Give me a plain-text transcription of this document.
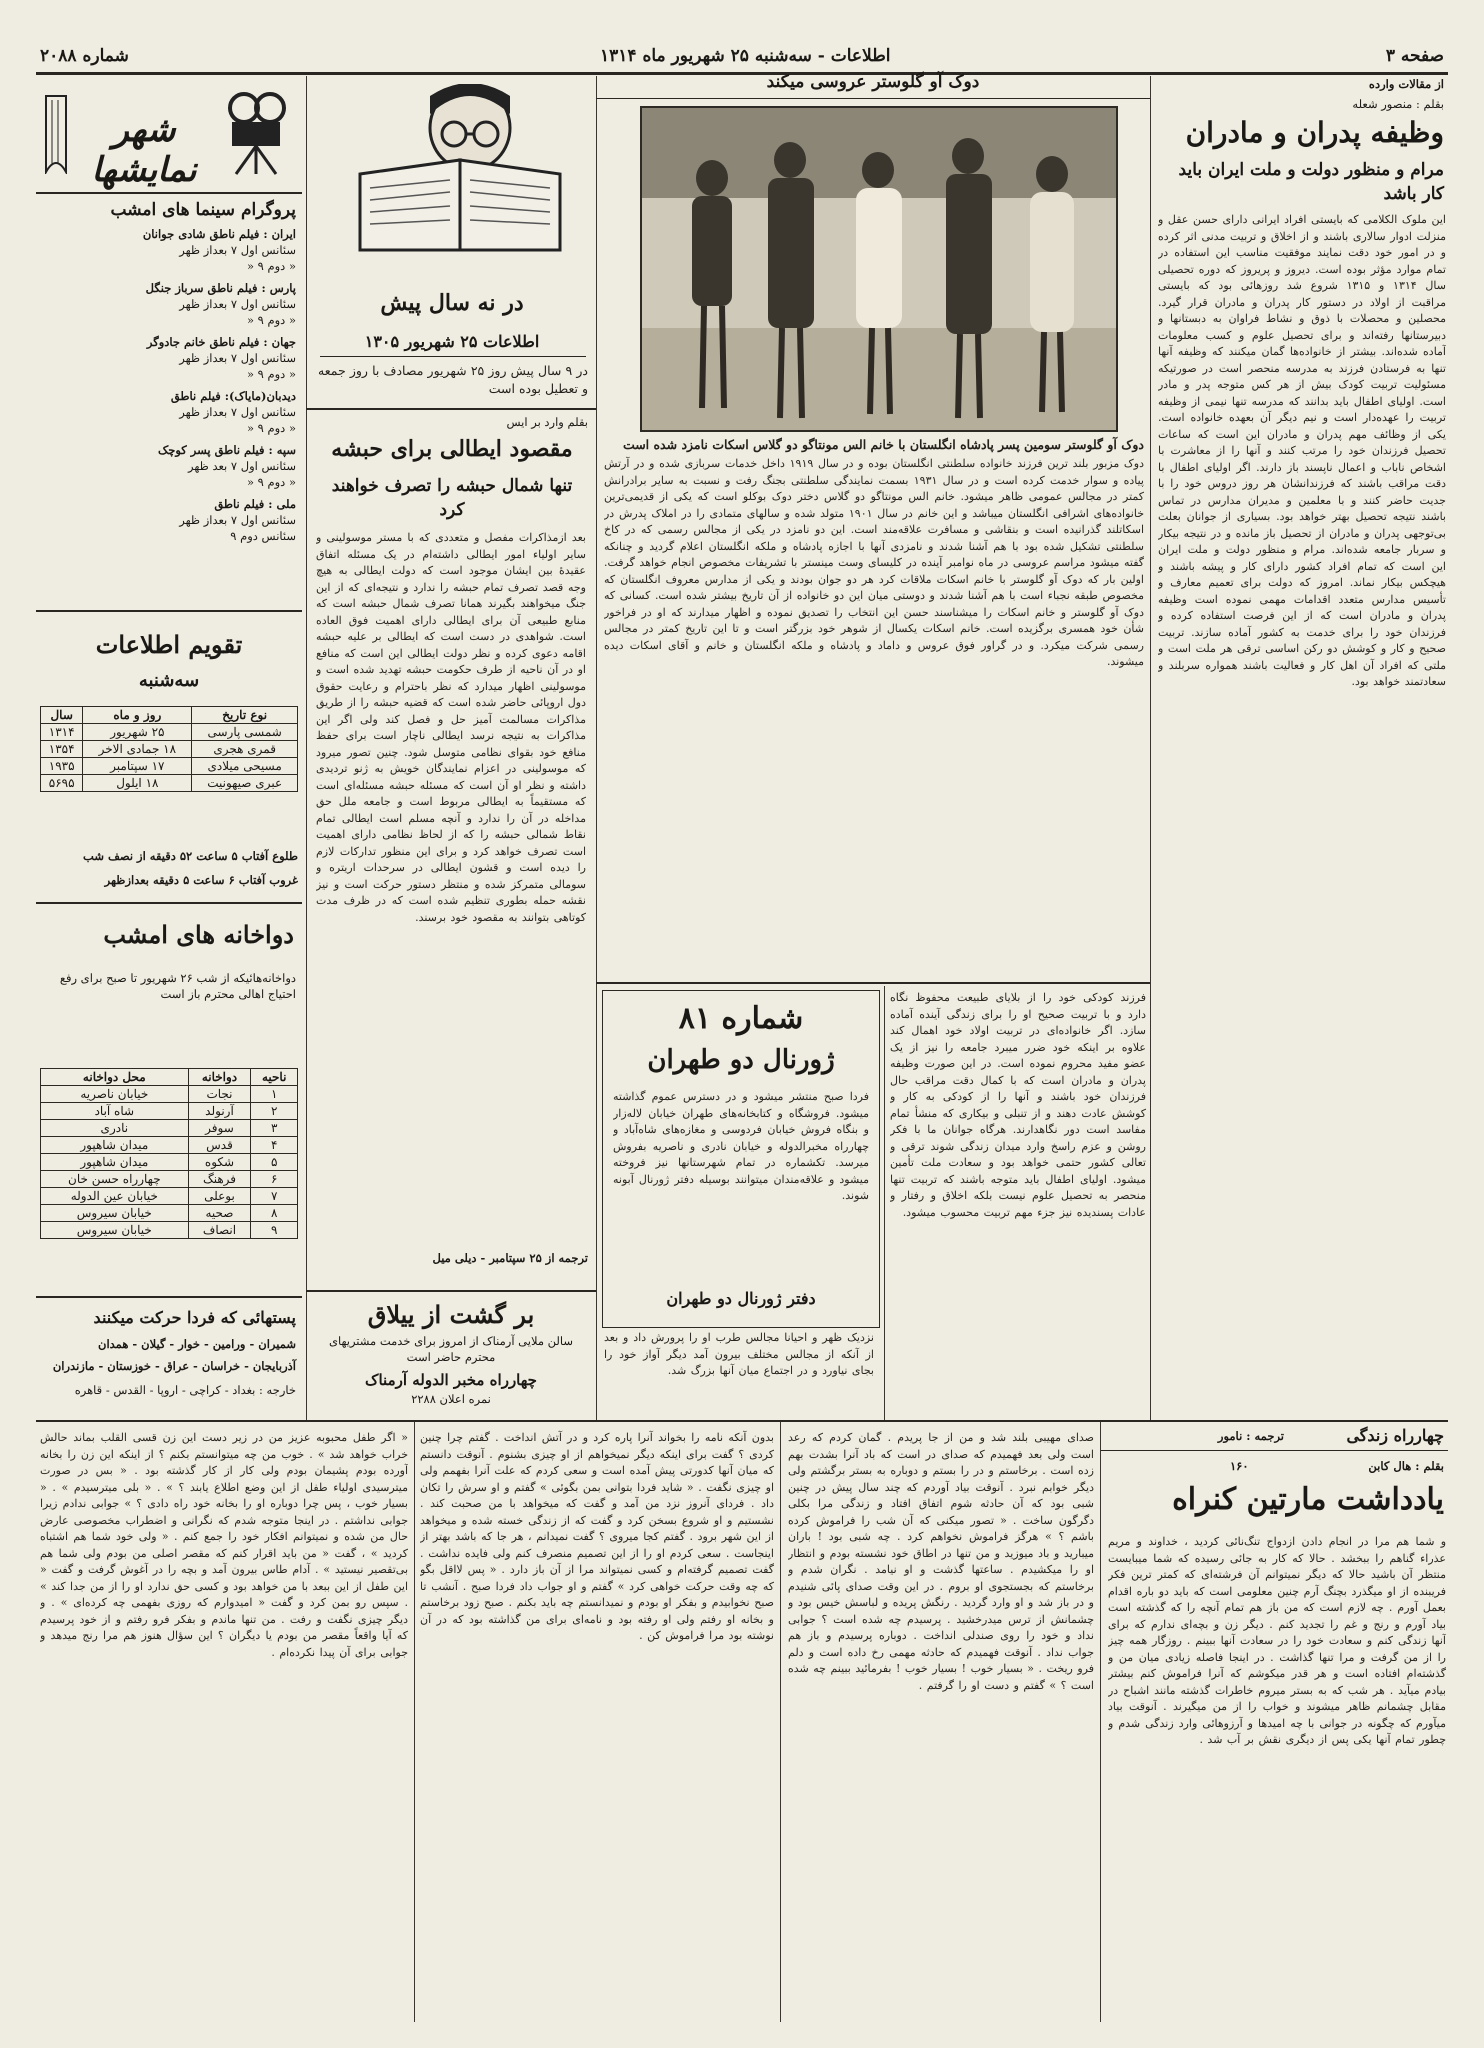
صفحه ۳
اطلاعات - سه‌شنبه ۲۵ شهریور ماه ۱۳۱۴
شماره ۲۰۸۸
شهر نمایشها
پروگرام سینما های امشب
ایران : فیلم ناطق شادی جوانان
سئانس اول ۷ بعداز ظهر
« دوم ۹ «
پارس : فیلم ناطق سرباز جنگل
سئانس اول ۷ بعداز ظهر
« دوم ۹ «
جهان : فیلم ناطق خانم جادوگر
سئانس اول ۷ بعداز ظهر
« دوم ۹ «
دیدبان(مایاک): فیلم ناطق
سئانس اول ۷ بعداز ظهر
« دوم ۹ «
سپه : فیلم ناطق پسر کوچک
سئانس اول ۷ بعد ظهر
« دوم ۹ «
ملی : فیلم ناطق
سئانس اول ۷ بعداز ظهر
سئانس دوم ۹
تقویم اطلاعات
سه‌شنبه
نوع تاریخ	روز و ماه	سال
شمسی پارسی	۲۵ شهریور	۱۳۱۴
قمری هجری	۱۸ جمادی الاخر	۱۳۵۴
مسیحی میلادی	۱۷ سپتامبر	۱۹۳۵
عبری صیهونیت	۱۸ ایلول	۵۶۹۵
طلوع آفتاب ۵ ساعت ۵۲ دقیقه از نصف شب
غروب آفتاب ۶ ساعت ۵ دقیقه بعدازظهر
دواخانه های امشب
دواخانه‌هائیکه از شب ۲۶ شهریور تا صبح برای رفع احتیاج اهالی محترم باز است
ناحیه	دواخانه	محل دواخانه
۱	نجات	خیابان ناصریه
۲	آرنولد	شاه آباد
۳	سوفر	نادری
۴	قدس	میدان شاهپور
۵	شکوه	میدان شاهپور
۶	فرهنگ	چهارراه حسن خان
۷	بوعلی	خیابان عین الدوله
۸	صحیه	خیابان سیروس
۹	انصاف	خیابان سیروس
پستهائی که فردا حرکت میکنند
شمیران - ورامین - خوار - گیلان - همدان
آذربایجان - خراسان - عراق - خوزستان - مازندران
خارجه : بغداد - کراچی - اروپا - القدس - قاهره
در نه سال پیش
اطلاعات ۲۵ شهریور ۱۳۰۵
در ۹ سال پیش روز ۲۵ شهریور مصادف با روز جمعه و تعطیل بوده است
بقلم وارد بر ایس
مقصود ایطالی برای حبشه
تنها شمال حبشه را تصرف خواهند کرد
بعد ازمذاکرات مفصل و متعددی که با مستر موسولینی و سایر اولیاء امور ایطالی داشته‌ام در یک مسئله اتفاق عقیدهٔ بین ایشان موجود است که دولت ایطالی به هیچ وجه قصد تصرف تمام حبشه را ندارد و نتیجه‌ای که از این جنگ میخواهند بگیرند همانا تصرف شمال حبشه است که منابع طبیعی آن برای ایطالی دارای اهمیت فوق العاده است. شواهدی در دست است که ایطالی بر علیه حبشه اقامه دعوی کرده و نظر دولت ایطالی این است که منافع او در آن ناحیه از طرف حکومت حبشه تهدید شده است و موسولینی اظهار میدارد که نظر باحترام و رعایت حقوق دول اروپائی حاضر شده است که قضیه حبشه را از طریق مذاکرات مسالمت آمیز حل و فصل کند ولی اگر این مذاکرات به نتیجه نرسد ایطالی ناچار است برای حفظ منافع خود بقوای نظامی متوسل شود. چنین تصور میرود که موسولینی در اعزام نمایندگان خویش به ژنو تردیدی داشته و نظر او آن است که مسئله حبشه مسئله‌ای است که مستقیماً به ایطالی مربوط است و جامعه ملل حق مداخله در آن را ندارد و آنچه مسلم است ایطالی تمام نقاط شمالی حبشه را که از لحاظ نظامی دارای اهمیت است تصرف خواهد کرد و برای این منظور تدارکات لازم را دیده است و قشون ایطالی در سرحدات اریتره و سومالی متمرکز شده و منتظر دستور حرکت است و نیز نقشه حمله بطوری تنظیم شده است که در ظرف مدت کوتاهی بتوانند به مقصود خود برسند.
ترجمه از ۲۵ سپتامبر - دیلی میل
بر گشت از ییلاق
سالن ملایی آرمناک از امروز برای خدمت مشتریهای محترم حاضر است
چهارراه مخبر الدوله آرمناک
نمره اعلان ۲۲۸۸
دوک آو گلوستر عروسی میکند
دوک آو گلوستر سومین پسر پادشاه انگلستان با خانم الس مونتاگو دو گلاس اسکات نامزد شده است
دوک مزبور بلند ترین فرزند خانواده سلطنتی انگلستان بوده و در سال ۱۹۱۹ داخل خدمات سربازی شده و در آرتش پیاده و سوار خدمت کرده است و در سال ۱۹۳۱ بسمت نمایندگی سلطنتی بجنگ رفت و نسبت به سایر برادرانش کمتر در مجالس عمومی ظاهر میشود. خانم الس مونتاگو دو گلاس دختر دوک بوکلو است که یکی از قدیمی‌ترین خانواده‌های اشرافی انگلستان میباشد و این خانم در سال ۱۹۰۱ متولد شده و سالهای متمادی را در املاک پدرش در اسکاتلند گذرانیده است و بنقاشی و مسافرت علاقه‌مند است. این دو نامزد در یکی از مجالس رسمی که در کاخ سلطنتی تشکیل شده بود با هم آشنا شدند و نامزدی آنها با اجازه پادشاه و ملکه انگلستان اعلام گردید و چنانکه گفته میشود مراسم عروسی در ماه نوامبر آینده در کلیسای وست مینستر با تشریفات مخصوص انجام خواهد گرفت. اولین بار که دوک آو گلوستر با خانم اسکات ملاقات کرد هر دو جوان بودند و یکی از مدارس معروف انگلستان که مخصوص طبقه نجباء است با هم آشنا شدند و دوستی میان این دو خانواده از آن تاریخ بیشتر شده است. کسانی که دوک آو گلوستر و خانم اسکات را میشناسند حسن این انتخاب را تصدیق نموده و اظهار میدارند که او در فراخور شأن خود همسری برگزیده است. خانم اسکات یکسال از شوهر خود بزرگتر است و تا این تاریخ کمتر در مجالس رسمی شرکت میکرد. و در گراور فوق عروس و داماد و پادشاه و ملکه انگلستان و خانم و آقای اسکات دیده میشوند.
شماره ۸۱
ژورنال دو طهران
فردا صبح منتشر میشود و در دسترس عموم گذاشته میشود. فروشگاه و کتابخانه‌های طهران خیابان لاله‌زار و بنگاه فروش خیابان فردوسی و مغازه‌های شاه‌آباد و چهارراه مخبرالدوله و خیابان نادری و ناصریه بفروش میرسد. تکشماره در تمام شهرستانها نیز فروخته میشود و علاقه‌مندان میتوانند بوسیله دفتر ژورنال آبونه شوند.
دفتر ژورنال دو طهران
نزدیک ظهر و احیانا مجالس طرب او را پرورش داد و بعد از آنکه از مجالس مختلف بیرون آمد دیگر آواز خود را بجای نیاورد و در اجتماع میان آنها بزرگ شد.
فرزند کودکی خود را از بلایای طبیعت محفوظ نگاه دارد و با تربیت صحیح او را برای زندگی آینده آماده سازد. اگر خانواده‌ای در تربیت اولاد خود اهمال کند علاوه بر اینکه خود ضرر میبرد جامعه را نیز از یک عضو مفید محروم نموده است. در این صورت وظیفه پدران و مادران است که با کمال دقت مراقب حال فرزندان خود باشند و آنها را از کودکی به کار و کوشش عادت دهند و از تنبلی و بیکاری که منشأ تمام مفاسد است دور نگاهدارند. هرگاه جوانان ما با فکر روشن و عزم راسخ وارد میدان زندگی شوند ترقی و تعالی کشور حتمی خواهد بود و سعادت ملت تأمین میشود. اولیای اطفال باید متوجه باشند که تربیت تنها منحصر به تحصیل علوم نیست بلکه اخلاق و رفتار و عادات پسندیده نیز جزء مهم تربیت محسوب میشود.
از مقالات وارده
بقلم : منصور شعله
وظیفه پدران و مادران
مرام و منظور دولت و ملت ایران باید کار باشد
این ملوک الکلامی که بایستی افراد ایرانی دارای حسن عقل و منزلت ادوار سالاری باشند و از اخلاق و تربیت مدنی اثر کرده و در امور خود دقت نمایند موفقیت مناسب این استفاده در تمام موارد مؤثر بوده است. دیروز و پریروز که دوره تحصیلی سال ۱۳۱۴ و ۱۳۱۵ شروع شد روزهائی بود که بایستی مراقبت از اولاد در دستور کار پدران و مادران قرار گیرد. محصلین و محصلات با ذوق و نشاط فراوان به دبستانها و دبیرستانها رفته‌اند و برای تحصیل علوم و کسب معلومات آماده شده‌اند. بیشتر از خانواده‌ها گمان میکنند که وظیفه آنها تنها به فرستادن فرزند به مدرسه منحصر است در صورتیکه مسئولیت تربیت کودک بیش از هر کس متوجه پدر و مادر است. اولیای اطفال باید بدانند که مدرسه تنها نیمی از وظیفه تربیت را عهده‌دار است و نیم دیگر آن بعهده خانواده است. یکی از وظائف مهم پدران و مادران این است که ساعات تحصیل فرزندان خود را مرتب کنند و آنها را از معاشرت با اشخاص ناباب و اعمال ناپسند باز دارند. اگر اولیای اطفال با دقت مراقب باشند که فرزندانشان هر روز دروس خود را با جدیت حاضر کنند و با معلمین و مدیران مدارس در تماس باشند نتیجه تحصیل بهتر خواهد بود. بسیاری از جوانان بعلت بی‌توجهی پدران و مادران از تحصیل باز مانده و در نتیجه بیکار و سربار جامعه شده‌اند. مرام و منظور دولت و ملت ایران این است که تمام افراد کشور دارای کار و پیشه باشند و هیچکس بیکار نماند. امروز که دولت برای تعمیم معارف و تأسیس مدارس متعدد اقدامات مهمی نموده است وظیفه پدران و مادران است که از این فرصت استفاده کرده و فرزندان خود را برای خدمت به کشور آماده سازند. تربیت صحیح و کار و کوشش دو رکن اساسی ترقی هر ملت است و ملتی که افراد آن اهل کار و فعالیت باشند همواره سربلند و سعادتمند خواهد بود.
چهارراه زندگی
ترجمه : نامور
بقلم : هال کابن
۱۶۰
یادداشت مارتین کنراه
و شما هم مرا در انجام دادن ازدواج تنگ‌نائی کردید ، خداوند و مریم عذراء گناهم را ببخشد . حالا که کار به جائی رسیده که شما میبایست منتظر آن باشید حالا که دیگر نمیتوانم آن فرشته‌ای که کمتر ترین فکر فریبنده از او میگذرد بچنگ آرم چنین معلومی است که باید دو باره اقدام بعمل آورم . چه لازم است که من باز هم تمام آنچه را که گذشته است بیاد آورم و رنج و غم را تجدید کنم . دیگر زن و بچه‌ای ندارم که برای آنها زندگی کنم و سعادت خود را در سعادت آنها ببینم . روزگار همه چیز را از من گرفت و مرا تنها گذاشت . در اینجا فاصله زیادی میان من و گذشته‌ام افتاده است و هر قدر میکوشم که آنرا فراموش کنم بیشتر بیادم میآید . هر شب که به بستر میروم خاطرات گذشته مانند اشباح در مقابل چشمانم ظاهر میشوند و خواب را از من میگیرند . آنوقت بیاد میآورم که چگونه در جوانی با چه امیدها و آرزوهائی وارد زندگی شدم و چطور تمام آنها یکی پس از دیگری نقش بر آب شد .
صدای مهیبی بلند شد و من از جا پریدم . گمان کردم که رعد است ولی بعد فهمیدم که صدای در است که باد آنرا بشدت بهم زده است . برخاستم و در را بستم و دوباره به بستر برگشتم ولی دیگر خوابم نبرد . آنوقت بیاد آوردم که چند سال پیش در چنین شبی بود که آن حادثه شوم اتفاق افتاد و زندگی مرا بکلی دگرگون ساخت . « تصور میکنی که آن شب را فراموش کرده باشم ؟ » هرگز فراموش نخواهم کرد . چه شبی بود ! باران میبارید و باد میوزید و من تنها در اطاق خود نشسته بودم و انتظار او را میکشیدم . ساعتها گذشت و او نیامد . نگران شدم و برخاستم که بجستجوی او بروم . در این وقت صدای پائی شنیدم و در باز شد و او وارد گردید . رنگش پریده و لباسش خیس بود و چشمانش از ترس میدرخشید . پرسیدم چه شده است ؟ جوابی نداد و خود را روی صندلی انداخت . دوباره پرسیدم و باز هم جواب نداد . آنوقت فهمیدم که حادثه مهمی رخ داده است و دلم فرو ریخت . « بسیار خوب ! بسیار خوب ! بفرمائید ببینم چه شده است ؟ » گفتم و دست او را گرفتم .
بدون آنکه نامه را بخواند آنرا پاره کرد و در آتش انداخت . گفتم چرا چنین کردی ؟ گفت برای اینکه دیگر نمیخواهم از او چیزی بشنوم . آنوقت دانستم که میان آنها کدورتی پیش آمده است و سعی کردم که علت آنرا بفهمم ولی او چیزی نگفت . « شاید فردا بتوانی بمن بگوئی » گفتم و او سرش را تکان داد . فردای آنروز نزد من آمد و گفت که میخواهد با من صحبت کند . نشستیم و او شروع بسخن کرد و گفت که از زندگی خسته شده و میخواهد از این شهر برود . گفتم کجا میروی ؟ گفت نمیدانم ، هر جا که باشد بهتر از اینجاست . سعی کردم او را از این تصمیم منصرف کنم ولی فایده نداشت . گفت تصمیم گرفته‌ام و کسی نمیتواند مرا از آن باز دارد . « پس لااقل بگو که چه وقت حرکت خواهی کرد » گفتم و او جواب داد فردا صبح . آنشب تا صبح نخوابیدم و بفکر او بودم و نمیدانستم چه باید بکنم . صبح زود برخاستم و بخانه او رفتم ولی او رفته بود و نامه‌ای برای من گذاشته بود که در آن نوشته بود مرا فراموش کن .
« اگر طفل محبوبه عزیز من در زیر دست این زن قسی القلب بماند حالش خراب خواهد شد » . خوب من چه میتوانستم بکنم ؟ از اینکه این زن را بخانه آورده بودم پشیمان بودم ولی کار از کار گذشته بود . « بس در صورت میترسیدی اولیاء طفل از این وضع اطلاع یابند ؟ » . « بلی میترسیدم » . « بسیار خوب ، پس چرا دوباره او را بخانه خود راه دادی ؟ » جوابی ندادم زیرا جوابی نداشتم . در اینجا متوجه شدم که نگرانی و اضطراب مخصوصی عارض حال من شده و نمیتوانم افکار خود را جمع کنم . « ولی خود شما هم اشتباه کردید » ، گفت « من باید اقرار کنم که مقصر اصلی من بودم ولی شما هم بی‌تقصیر نیستید » . آدام طاس بیرون آمد و بچه را در آغوش گرفت و گفت « این طفل از این ببعد با من خواهد بود و کسی حق ندارد او را از من جدا کند » . سپس رو بمن کرد و گفت « امیدوارم که روزی بفهمی چه کرده‌ای » . و دیگر چیزی نگفت و رفت . من تنها ماندم و بفکر فرو رفتم و از خود پرسیدم که آیا واقعاً مقصر من بودم یا دیگران ؟ این سؤال هنوز هم مرا رنج میدهد و جوابی برای آن پیدا نکرده‌ام .
